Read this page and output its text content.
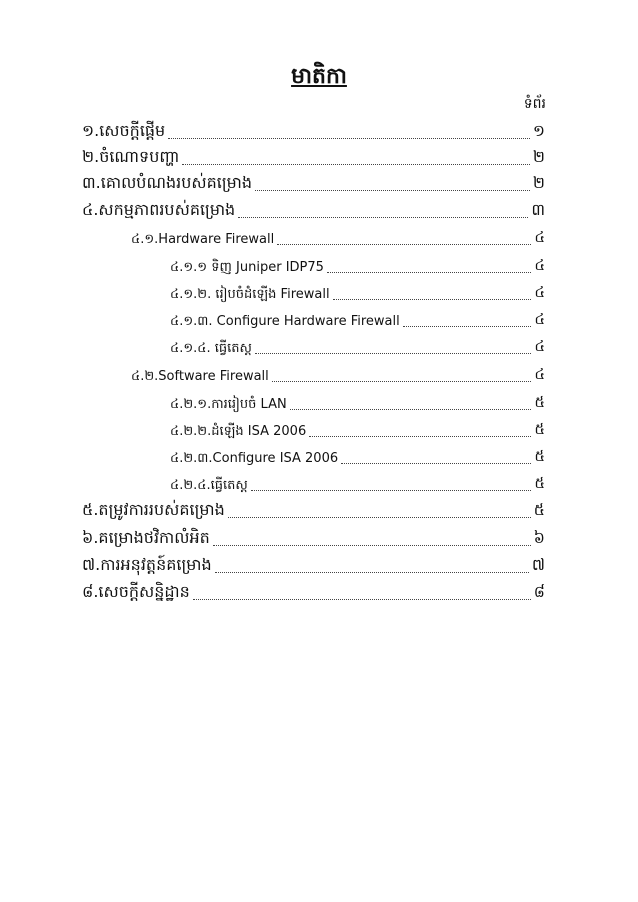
មាតិកា
ទំព័រ
១.សេចក្តីផ្តើម	១
២.ចំណោទបញ្ហា	២
៣.គោលបំណងរបស់គម្រោង	២
៤.សកម្មភាពរបស់គម្រោង	៣
៤.១.Hardware Firewall	៤
៤.១.១ ទិញ Juniper IDP75	៤
៤.១.២. រៀបចំដំឡើង Firewall	៤
៤.១.៣. Configure Hardware Firewall	៤
៤.១.៤. ធ្វើតេស្ត	៤
៤.២.Software Firewall	៤
៤.២.១.ការរៀបចំ LAN	៥
៤.២.២.ដំឡើង ISA 2006	៥
៤.២.៣.Configure ISA 2006	៥
៤.២.៤.ធ្វើតេស្ត	៥
៥.តម្រូវការរបស់គម្រោង	៥
៦.គម្រោងថវិកាលំអិត	៦
៧.ការអនុវត្តន៍គម្រោង	៧
៨.សេចក្តីសន្និដ្ឋាន	៨
